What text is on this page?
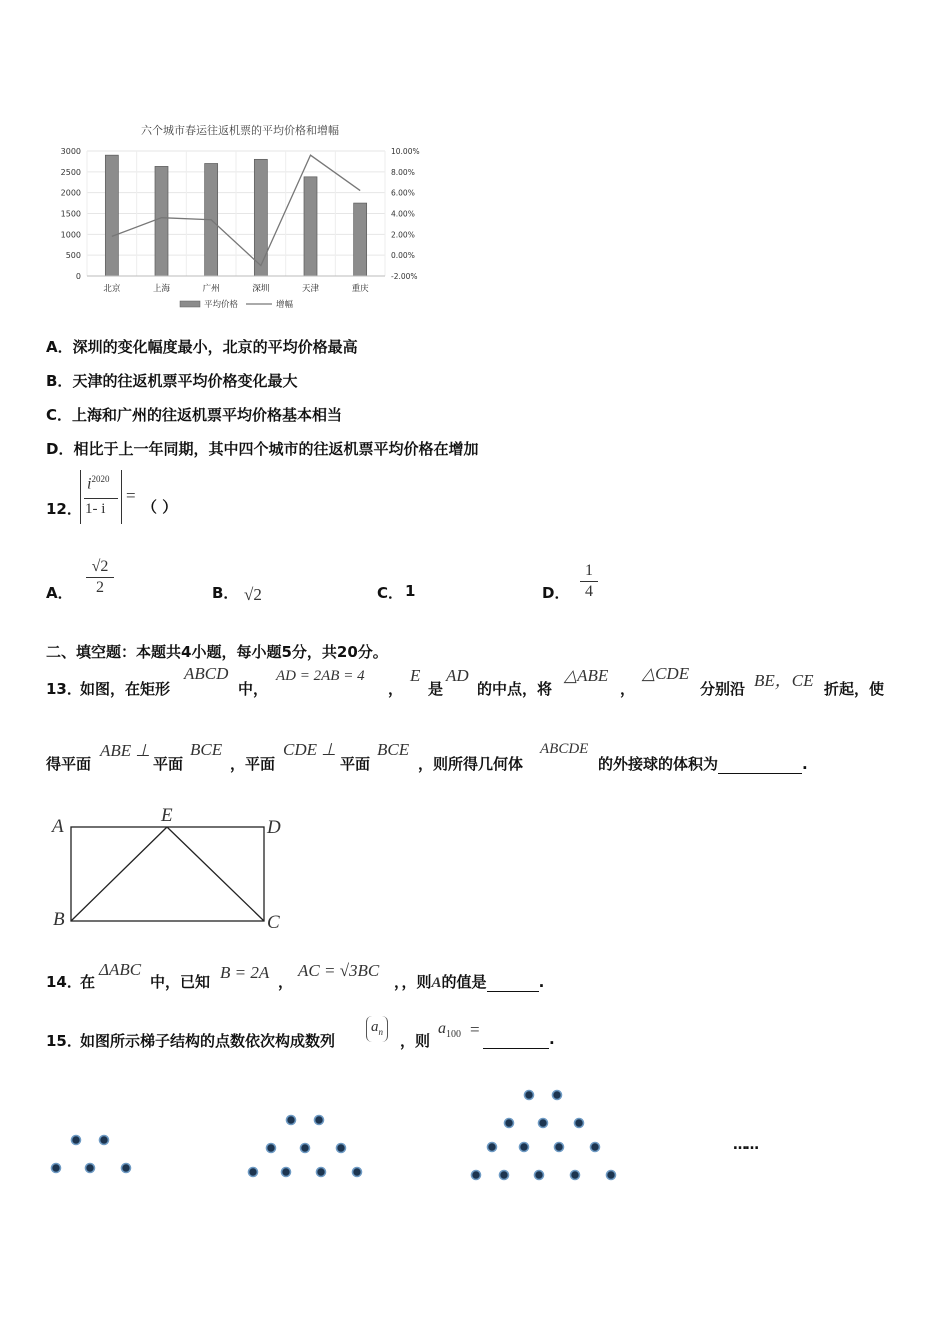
六个城市春运往返机票的平均价格和增幅
0
500
1000
1500
2000
2500
3000
-2.00%
0.00%
2.00%
4.00%
6.00%
8.00%
10.00%
北京	上海	广州	深圳	天津	重庆
平均价格	增幅
A．深圳的变化幅度最小，北京的平均价格最高
B．天津的往返机票平均价格变化最大
C．上海和广州的往返机票平均价格基本相当
D．相比于上一年同期，其中四个城市的往返机票平均价格在增加
12．
$i^{2020}$
1- i
=
（ ）
A．
√2
2	B． √2	C． 1	D．
1
4
二、填空题：本题共4小题，每小题5分，共20分。
13．
如图，在矩形
ABCD
中，
AD = 2AB = 4
，
E
是
AD
的中点，将
△ABE
，
△CDE
分别沿 BE，CE 折起，使
得平面
ABE ⊥
平面
BCE
，平面
CDE ⊥
平面
BCE
，则所得几何体
ABCDE
的外接球的体积为	.
A
E
D
B	C
14．
在
ΔABC
中，已知 B = 2A ，
AC = √3BC
，，则A的值是	.
15．
如图所示梯子结构的点数依次构成数列
$a_n$	，则
$a_{100}$ =	.
……
